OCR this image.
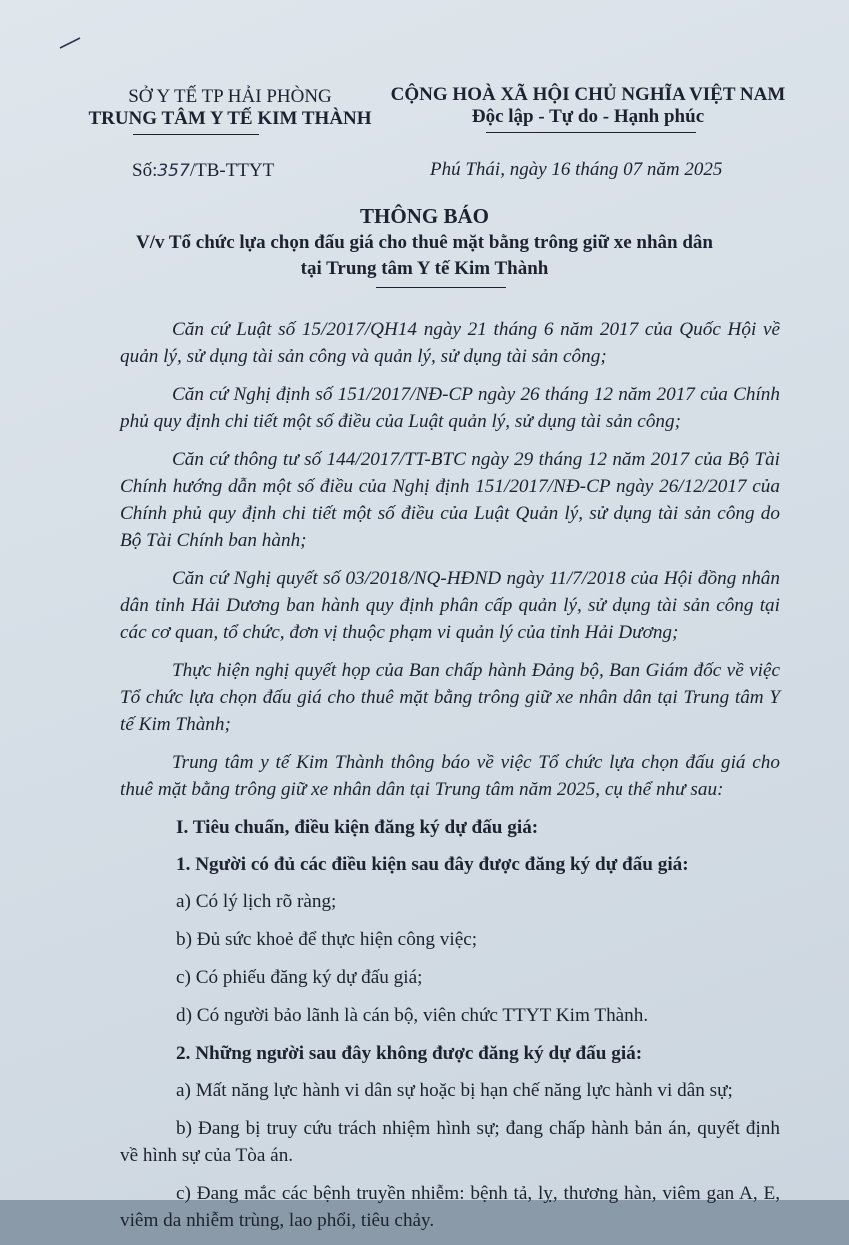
SỞ Y TẾ TP HẢI PHÒNG
TRUNG TÂM Y TẾ KIM THÀNH
CỘNG HOÀ XÃ HỘI CHỦ NGHĨA VIỆT NAM
Độc lập - Tự do - Hạnh phúc
Số:357/TB-TTYT	Phú Thái, ngày 16 tháng 07 năm 2025
THÔNG BÁO
V/v Tổ chức lựa chọn đấu giá cho thuê mặt bằng trông giữ xe nhân dân
tại Trung tâm Y tế Kim Thành

Căn cứ Luật số 15/2017/QH14 ngày 21 tháng 6 năm 2017 của Quốc Hội về quản lý, sử dụng tài sản công và quản lý, sử dụng tài sản công;

Căn cứ Nghị định số 151/2017/NĐ-CP ngày 26 tháng 12 năm 2017 của Chính phủ quy định chi tiết một số điều của Luật quản lý, sử dụng tài sản công;

Căn cứ thông tư số 144/2017/TT-BTC ngày 29 tháng 12 năm 2017 của Bộ Tài Chính hướng dẫn một số điều của Nghị định 151/2017/NĐ-CP ngày 26/12/2017 của Chính phủ quy định chi tiết một số điều của Luật Quản lý, sử dụng tài sản công do Bộ Tài Chính ban hành;

Căn cứ Nghị quyết số 03/2018/NQ-HĐND ngày 11/7/2018 của Hội đồng nhân dân tỉnh Hải Dương ban hành quy định phân cấp quản lý, sử dụng tài sản công tại các cơ quan, tổ chức, đơn vị thuộc phạm vi quản lý của tỉnh Hải Dương;

Thực hiện nghị quyết họp của Ban chấp hành Đảng bộ, Ban Giám đốc về việc Tổ chức lựa chọn đấu giá cho thuê mặt bằng trông giữ xe nhân dân tại Trung tâm Y tế Kim Thành;

Trung tâm y tế Kim Thành thông báo về việc Tổ chức lựa chọn đấu giá cho thuê mặt bằng trông giữ xe nhân dân tại Trung tâm năm 2025, cụ thể như sau:

I. Tiêu chuẩn, điều kiện đăng ký dự đấu giá:
1. Người có đủ các điều kiện sau đây được đăng ký dự đấu giá:
a) Có lý lịch rõ ràng;
b) Đủ sức khoẻ để thực hiện công việc;
c) Có phiếu đăng ký dự đấu giá;
d) Có người bảo lãnh là cán bộ, viên chức TTYT Kim Thành.
2. Những người sau đây không được đăng ký dự đấu giá:

a) Mất năng lực hành vi dân sự hoặc bị hạn chế năng lực hành vi dân sự;

b) Đang bị truy cứu trách nhiệm hình sự; đang chấp hành bản án, quyết định về hình sự của Tòa án.

c) Đang mắc các bệnh truyền nhiễm: bệnh tả, lỵ, thương hàn, viêm gan A, E, viêm da nhiễm trùng, lao phổi, tiêu chảy.
